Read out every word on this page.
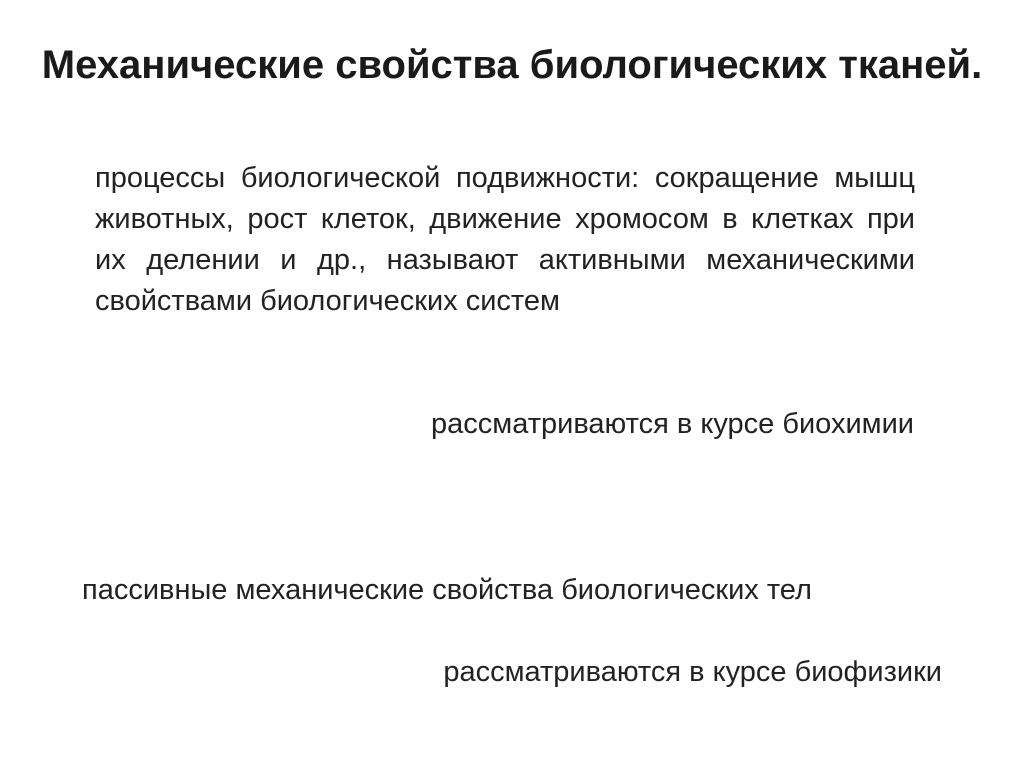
Механические свойства биологических тканей.
процессы биологической подвижности: сокращение мышц животных, рост клеток, движение хромосом в клетках при их делении и др., называют активными механическими свойствами биологических систем
рассматриваются в курсе биохимии
пассивные механические свойства биологических тел
рассматриваются в курсе биофизики
